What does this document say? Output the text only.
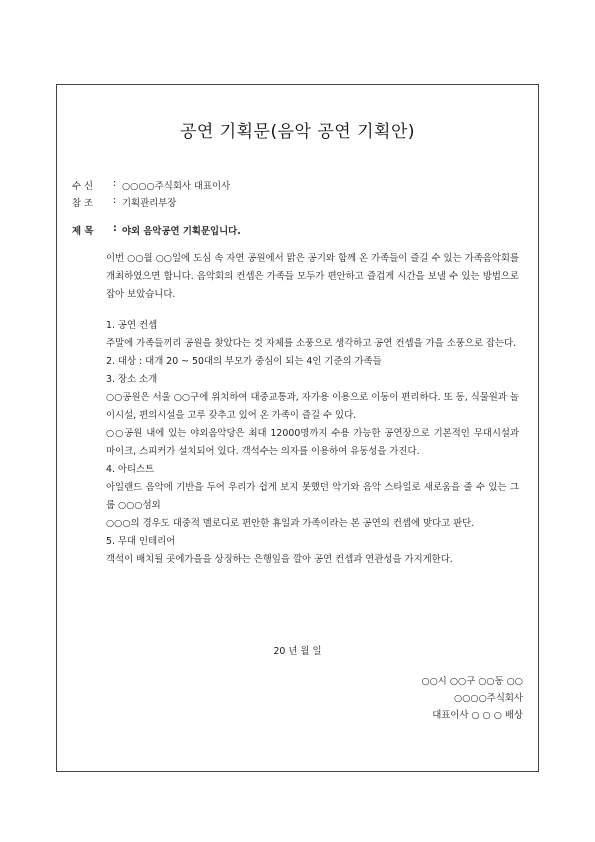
공연 기획문(음악 공연 기획안)
수 신 : ○○○○주식회사 대표이사
참 조 : 기획관리부장
제 목 : 야외 음악공연 기획문입니다.

이번 ○○월 ○○일에 도심 속 자연 공원에서 맑은 공기와 함께 온 가족들이 즐길 수 있는 가족음악회를 개최하였으면 합니다. 음악회의 컨셉은 가족들 모두가 편안하고 즐겁게 시간을 보낼 수 있는 방법으로 잡아 보았습니다.

1. 공연 컨셉

주말에 가족들끼리 공원을 찾았다는 것 자체를 소풍으로 생각하고 공연 컨셉을 가을 소풍으로 잡는다.

2. 대상 : 대개 20 ~ 50대의 부모가 중심이 되는 4인 기준의 가족들

3. 장소 소개

○○공원은 서울 ○○구에 위치하여 대중교통과, 자가용 이용으로 이동이 편리하다. 또 동, 식물원과 놀이시설, 편의시설을 고루 갖추고 있어 온 가족이 즐길 수 있다.

○○공원 내에 있는 야외음악당은 최대 12000명까지 수용 가능한 공연장으로 기본적인 무대시설과 마이크, 스피커가 설치되어 있다. 객석수는 의자를 이용하여 유동성을 가진다.

4. 아티스트

아일랜드 음악에 기반을 두어 우리가 쉽게 보지 못했던 악기와 음악 스타일로 새로움을 줄 수 있는 그룹 ○○○섬외

○○○의 경우도 대중적 멜로디로 편안한 휴일과 가족이라는 본 공연의 컨셉에 맞다고 판단.

5. 무대 인테리어

객석이 배치될 곳에가을을 상징하는 은행잎을 깔아 공연 컨셉과 연관성을 가지게한다.

20 년 월 일
○○시 ○○구 ○○동 ○○
○○○○주식회사
대표이사 ○ ○ ○ 배상
